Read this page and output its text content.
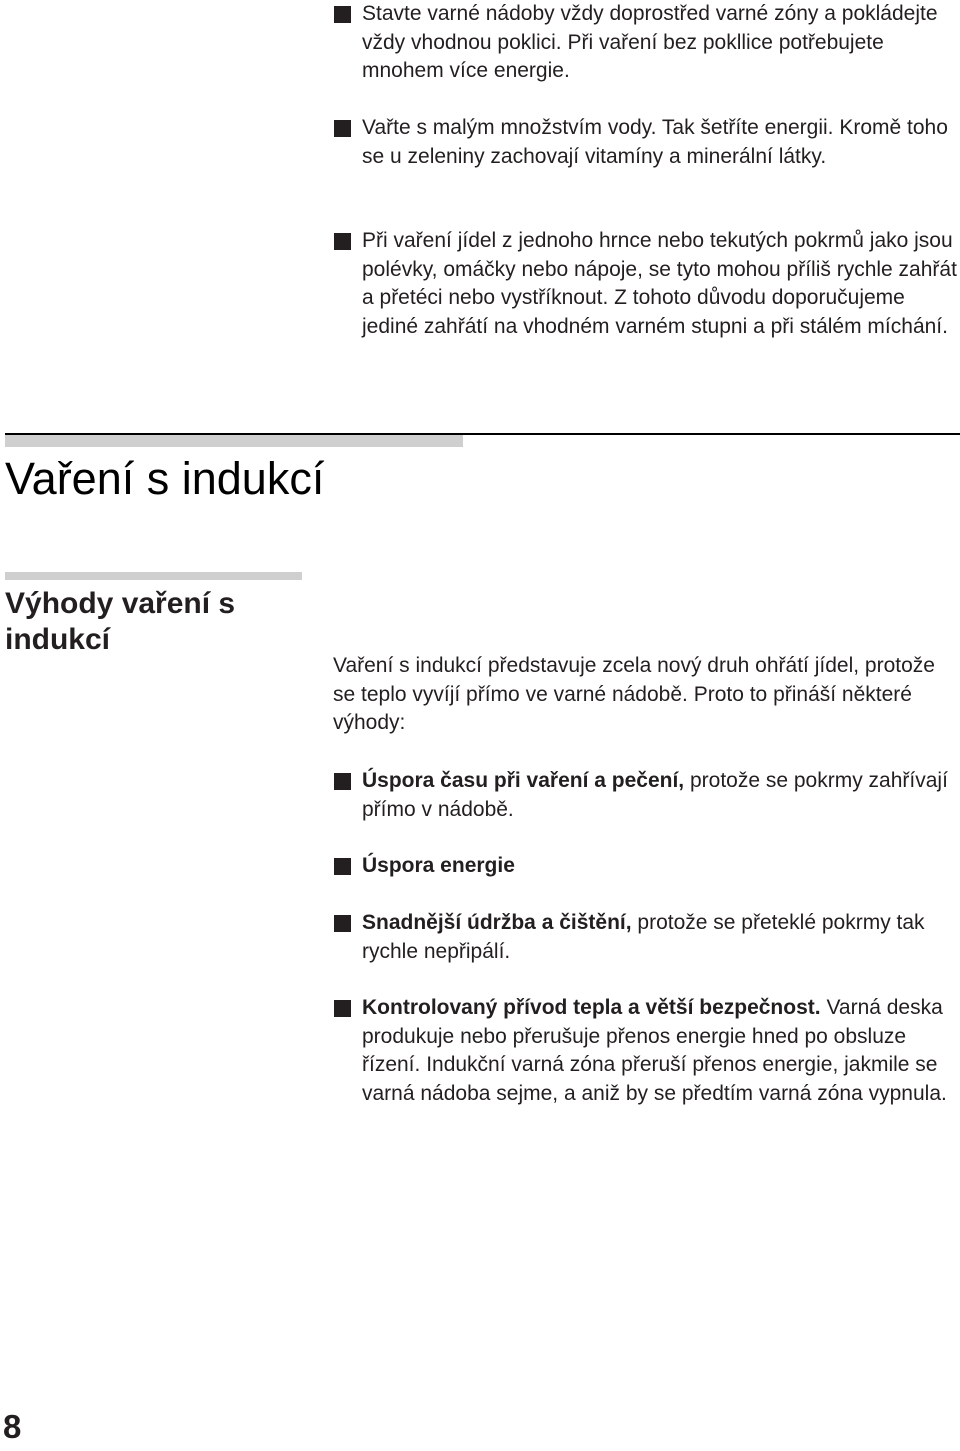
Stavte varné nádoby vždy doprostřed varné zóny a pokládejte vždy vhodnou poklici. Při vaření bez pokllice potřebujete mnohem více energie.

Vařte s malým množstvím vody. Tak šetříte energii. Kromě toho se u zeleniny zachovají vitamíny a minerální látky.

Při vaření jídel z jednoho hrnce nebo tekutých pokrmů jako jsou polévky, omáčky nebo nápoje, se tyto mohou příliš rychle zahřát a přetéci nebo vystříknout. Z tohoto důvodu doporučujeme jediné zahřátí na vhodném varném stupni a při stálém míchání.

Vaření s indukcí
Výhody vaření s indukcí

Vaření s indukcí představuje zcela nový druh ohřátí jídel, protože se teplo vyvíjí přímo ve varné nádobě. Proto to přináší některé výhody:

Úspora času při vaření a pečení, protože se pokrmy zahřívají přímo v nádobě.

Úspora energie

Snadnější údržba a čištění, protože se přeteklé pokrmy tak rychle nepřipálí.

Kontrolovaný přívod tepla a větší bezpečnost. Varná deska produkuje nebo přerušuje přenos energie hned po obsluze řízení. Indukční varná zóna přeruší přenos energie, jakmile se varná nádoba sejme, a aniž by se předtím varná zóna vypnula.

8
